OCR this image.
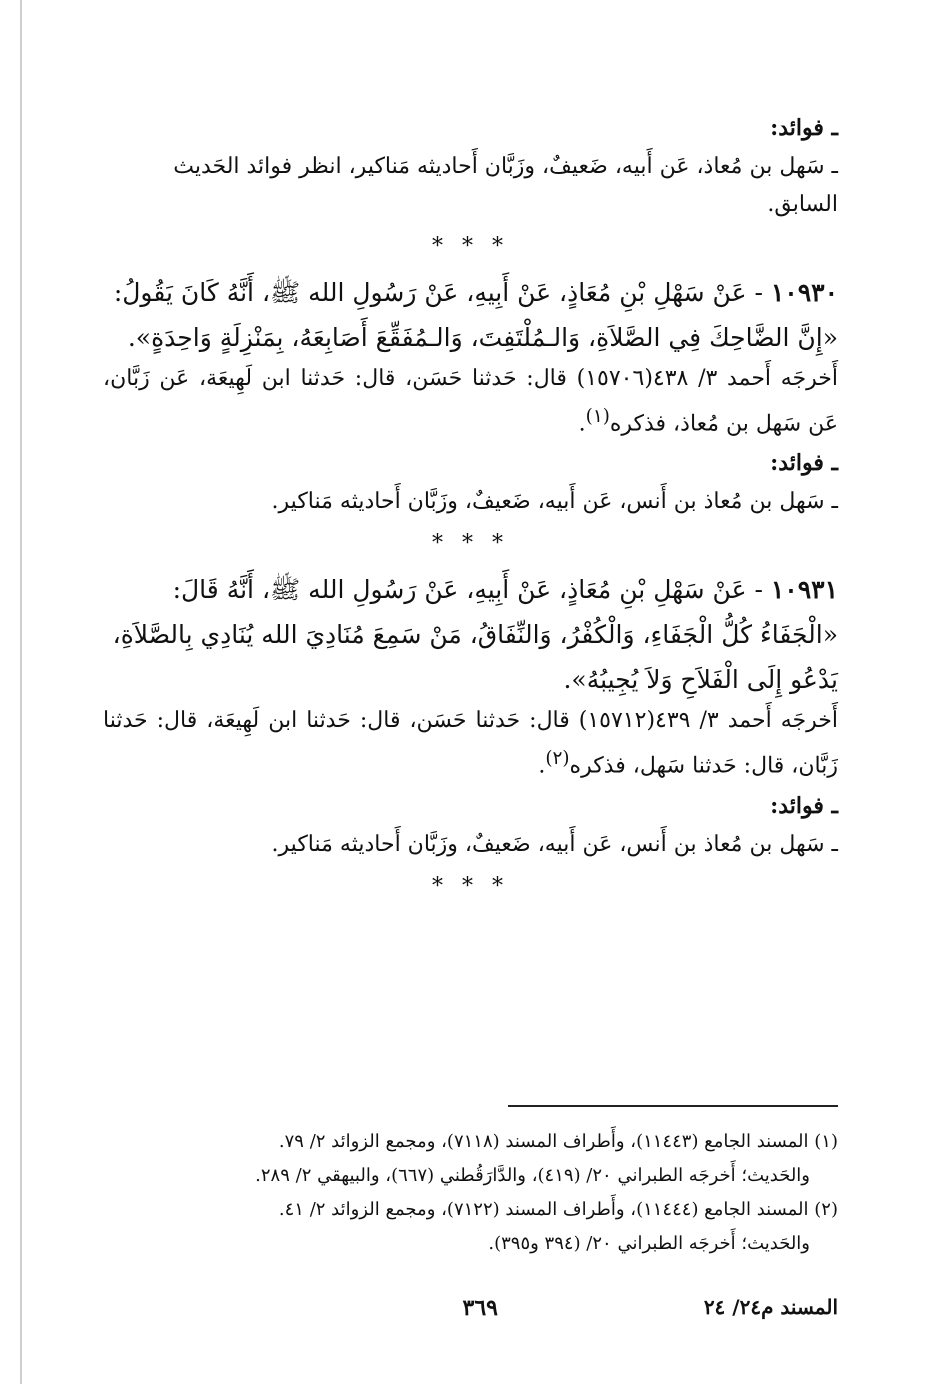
ـ فوائد:

ـ سَهل بن مُعاذ، عَن أَبيه، ضَعيفٌ، وزَبَّان أَحاديثه مَناكير، انظر فوائد الحَديث

السابق.

* * *

١٠٩٣٠ - عَنْ سَهْلِ بْنِ مُعَاذٍ، عَنْ أَبِيهِ، عَنْ رَسُولِ الله ﷺ، أَنَّهُ كَانَ يَقُولُ:

«إِنَّ الضَّاحِكَ فِي الصَّلاَةِ، وَالـمُلْتَفِتَ، وَالـمُفَقِّعَ أَصَابِعَهُ، بِمَنْزِلَةٍ وَاحِدَةٍ».

أَخرجَه أَحمد ٣/ ٤٣٨(١٥٧٠٦) قال: حَدثنا حَسَن، قال: حَدثنا ابن لَهِيعَة، عَن زَبَّان، عَن سَهل بن مُعاذ، فذكره$^{(١)}$.

ـ فوائد:

ـ سَهل بن مُعاذ بن أَنس، عَن أَبيه، ضَعيفٌ، وزَبَّان أَحاديثه مَناكير.

* * *

١٠٩٣١ - عَنْ سَهْلِ بْنِ مُعَاذٍ، عَنْ أَبِيهِ، عَنْ رَسُولِ الله ﷺ، أَنَّهُ قَالَ:

«الْجَفَاءُ كُلُّ الْجَفَاءِ، وَالْكُفْرُ، وَالنِّفَاقُ، مَنْ سَمِعَ مُنَادِيَ الله يُنَادِي بِالصَّلاَةِ، يَدْعُو إِلَى الْفَلاَحِ وَلاَ يُجِيبُهُ».

أَخرجَه أَحمد ٣/ ٤٣٩(١٥٧١٢) قال: حَدثنا حَسَن، قال: حَدثنا ابن لَهِيعَة، قال: حَدثنا زَبَّان، قال: حَدثنا سَهل، فذكره$^{(٢)}$.

ـ فوائد:

ـ سَهل بن مُعاذ بن أَنس، عَن أَبيه، ضَعيفٌ، وزَبَّان أَحاديثه مَناكير.

* * *

(١) المسند الجامع (١١٤٤٣)، وأَطراف المسند (٧١١٨)، ومجمع الزوائد ٢/ ٧٩.

والحَديث؛ أَخرجَه الطبراني ٢٠/ (٤١٩)، والدَّارَقُطني (٦٦٧)، والبيهقي ٢/ ٢٨٩.

(٢) المسند الجامع (١١٤٤٤)، وأَطراف المسند (٧١٢٢)، ومجمع الزوائد ٢/ ٤١.

والحَديث؛ أَخرجَه الطبراني ٢٠/ (٣٩٤ و٣٩٥).

المسند م٢٤/ ٢٤
٣٦٩
